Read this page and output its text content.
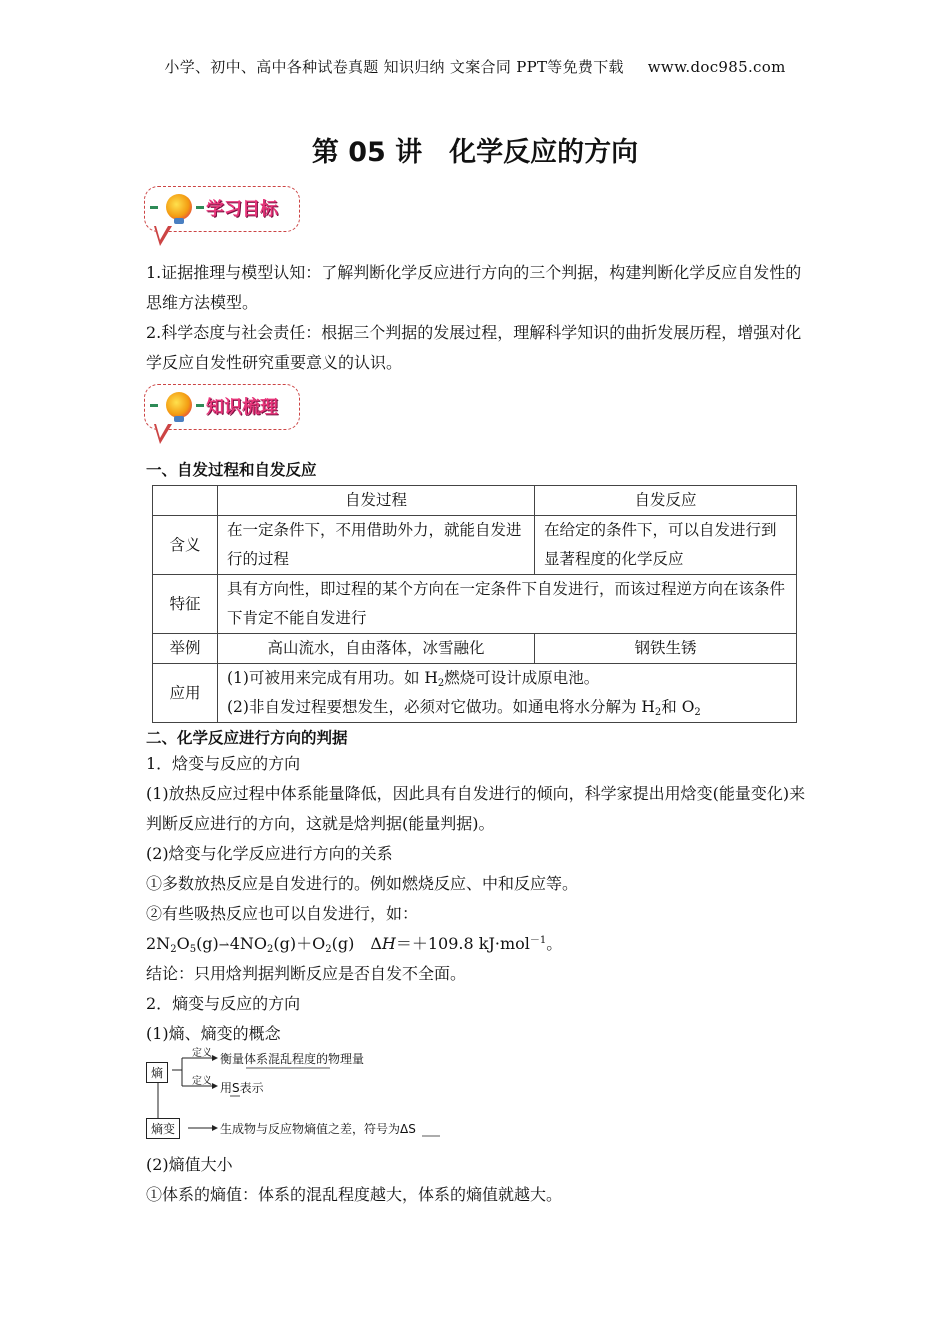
小学、初中、高中各种试卷真题 知识归纳 文案合同 PPT等免费下载 www.doc985.com
第 05 讲　化学反应的方向
学习目标
1.证据推理与模型认知：了解判断化学反应进行方向的三个判据，构建判断化学反应自发性的思维方法模型。
2.科学态度与社会责任：根据三个判据的发展过程，理解科学知识的曲折发展历程，增强对化学反应自发性研究重要意义的认识。
知识梳理
一、自发过程和自发反应
	自发过程	自发反应
含义	在一定条件下，不用借助外力，就能自发进行的过程	在给定的条件下，可以自发进行到显著程度的化学反应
特征	具有方向性，即过程的某个方向在一定条件下自发进行，而该过程逆方向在该条件下肯定不能自发进行	
举例	高山流水，自由落体，冰雪融化	钢铁生锈
应用	(1)可被用来完成有用功。如 $H_2$燃烧可设计成原电池。
(2)非自发过程要想发生，必须对它做功。如通电将水分解为 $H_2$和 $O_2$
二、化学反应进行方向的判据
1．焓变与反应的方向
(1)放热反应过程中体系能量降低，因此具有自发进行的倾向，科学家提出用焓变(能量变化)来判断反应进行的方向，这就是焓判据(能量判据)。
(2)焓变与化学反应进行方向的关系
①多数放热反应是自发进行的。例如燃烧反应、中和反应等。
②有些吸热反应也可以自发进行，如：
$2N_2O_5(g)⇀4NO_2(g)+O_2(g)$　ΔH＝＋109.8 kJ·mol$^{-1}$。
结论：只用焓判据判断反应是否自发不全面。
2．熵变与反应的方向
(1)熵、熵变的概念
熵
熵变
定义
定义
衡量体系混乱程度的物理量
用S表示
生成物与反应物熵值之差，符号为ΔS
(2)熵值大小
①体系的熵值：体系的混乱程度越大，体系的熵值就越大。
